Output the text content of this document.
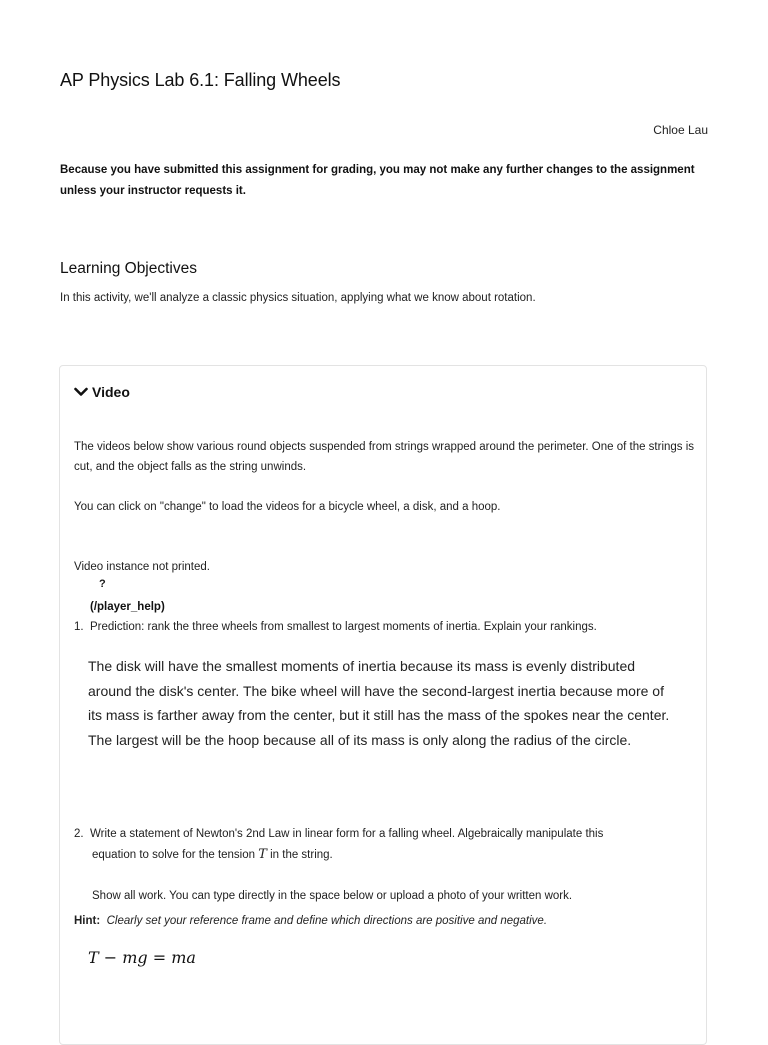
AP Physics Lab 6.1: Falling Wheels
Chloe Lau

Because you have submitted this assignment for grading, you may not make any further changes to the assignment unless your instructor requests it.

Learning Objectives

In this activity, we'll analyze a classic physics situation, applying what we know about rotation.

Video

The videos below show various round objects suspended from strings wrapped around the perimeter. One of the strings is cut, and the object falls as the string unwinds.

You can click on "change" to load the videos for a bicycle wheel, a disk, and a hoop.

Video instance not printed.

?
(/player_help)
1. Prediction: rank the three wheels from smallest to largest moments of inertia. Explain your rankings.

The disk will have the smallest moments of inertia because its mass is evenly distributed around the disk's center. The bike wheel will have the second-largest inertia because more of its mass is farther away from the center, but it still has the mass of the spokes near the center. The largest will be the hoop because all of its mass is only along the radius of the circle.

2. Write a statement of Newton's 2nd Law in linear form for a falling wheel. Algebraically manipulate this
equation to solve for the tension T in the string.

Show all work. You can type directly in the space below or upload a photo of your written work.

Hint: Clearly set your reference frame and define which directions are positive and negative.
T − mg = ma
